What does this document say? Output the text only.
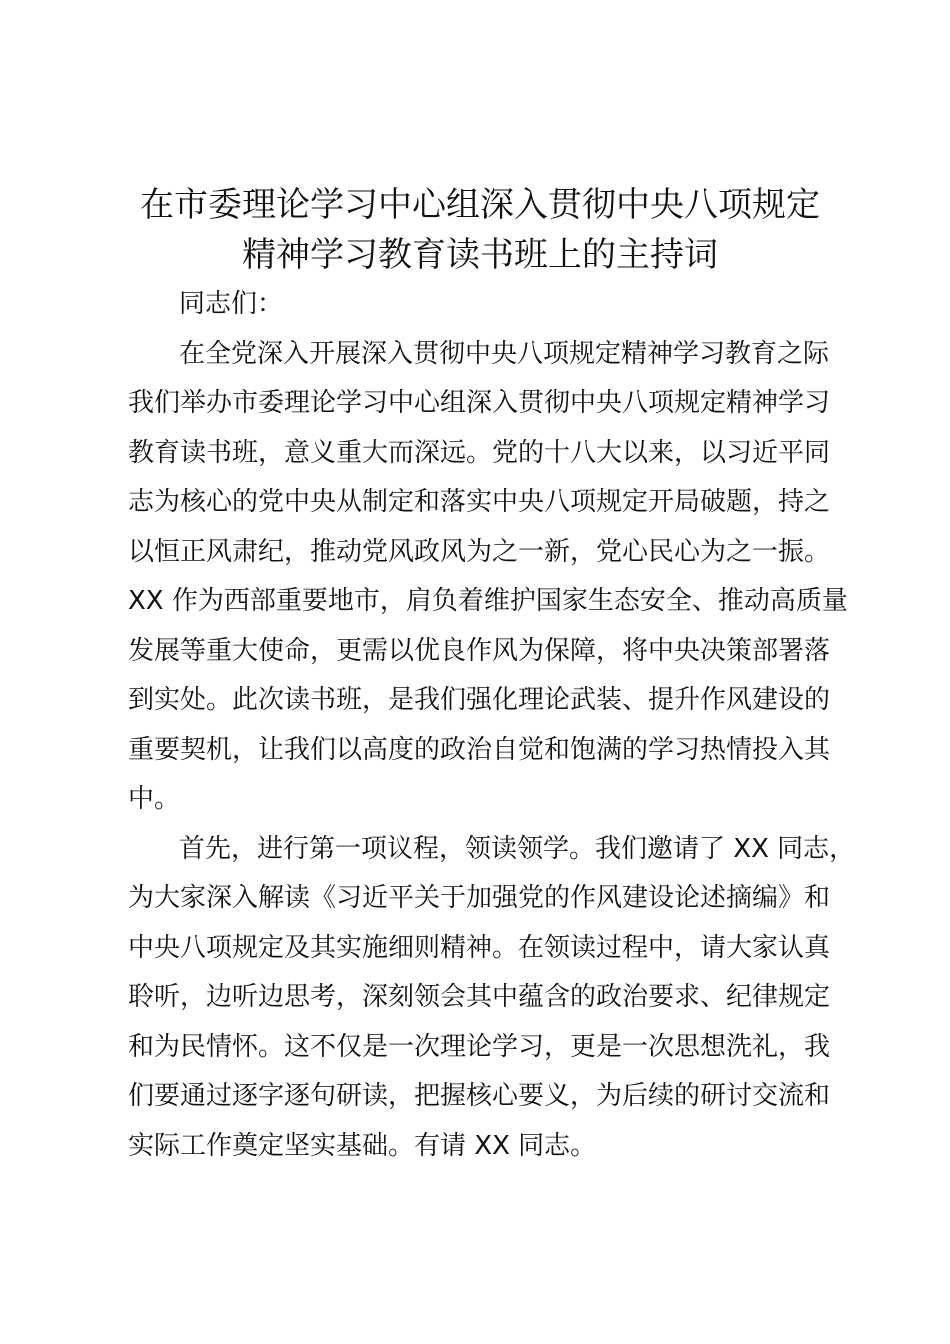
在市委理论学习中心组深入贯彻中央八项规定
精神学习教育读书班上的主持词

同志们：

在全党深入开展深入贯彻中央八项规定精神学习教育之际
我们举办市委理论学习中心组深入贯彻中央八项规定精神学习
教育读书班，意义重大而深远。党的十八大以来，以习近平同
志为核心的党中央从制定和落实中央八项规定开局破题，持之
以恒正风肃纪，推动党风政风为之一新，党心民心为之一振。
XX 作为西部重要地市，肩负着维护国家生态安全、推动高质量
发展等重大使命，更需以优良作风为保障，将中央决策部署落
到实处。此次读书班，是我们强化理论武装、提升作风建设的
重要契机，让我们以高度的政治自觉和饱满的学习热情投入其
中。
首先，进行第一项议程，领读领学。我们邀请了 XX 同志，
为大家深入解读《习近平关于加强党的作风建设论述摘编》和
中央八项规定及其实施细则精神。在领读过程中，请大家认真
聆听，边听边思考，深刻领会其中蕴含的政治要求、纪律规定
和为民情怀。这不仅是一次理论学习，更是一次思想洗礼，我
们要通过逐字逐句研读，把握核心要义，为后续的研讨交流和
实际工作奠定坚实基础。有请 XX 同志。
